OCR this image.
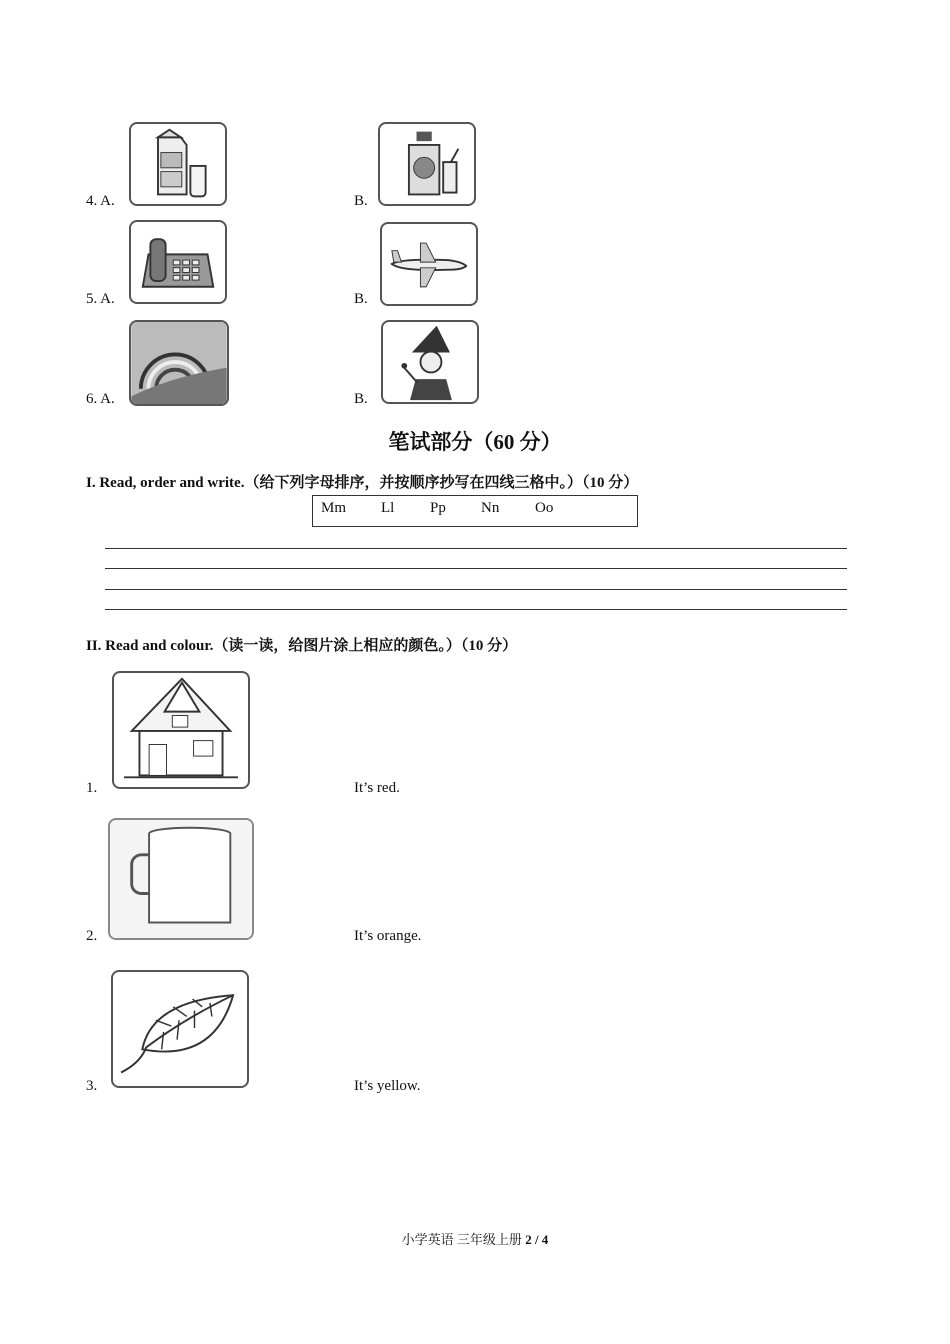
4. A.	B.
5. A.	B.
6. A.	B.
笔试部分（60 分）
I. Read, order and write.（给下列字母排序，并按顺序抄写在四线三格中。）（10 分）
Mm Ll Pp Nn Oo
II. Read and colour.（读一读，给图片涂上相应的颜色。）（10 分）
1.	It’s red.
2.	It’s orange.
3.	It’s yellow.
小学英语 三年级上册 2 / 4
